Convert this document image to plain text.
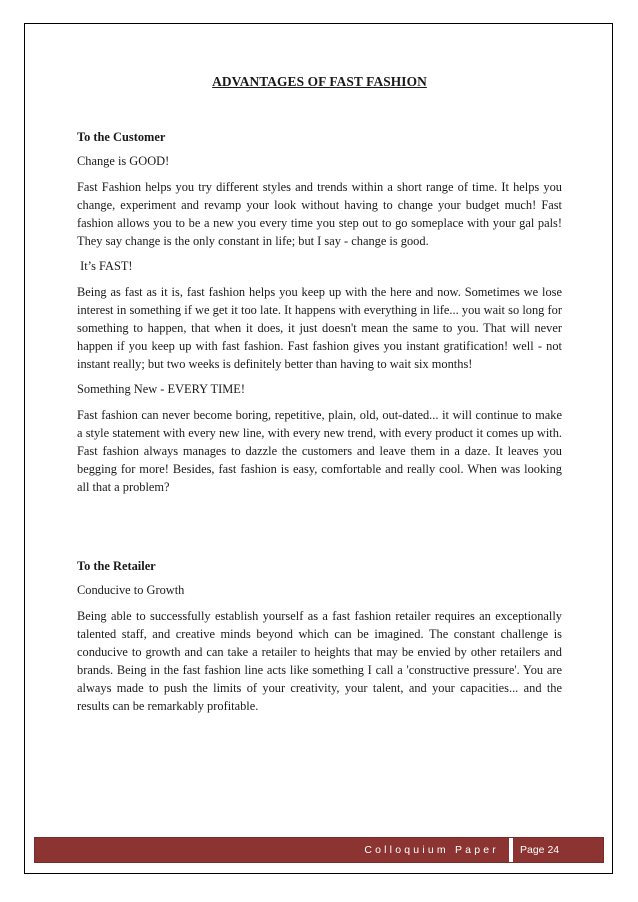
ADVANTAGES OF FAST FASHION
To the Customer
Change is GOOD!
Fast Fashion helps you try different styles and trends within a short range of time. It helps you change, experiment and revamp your look without having to change your budget much! Fast fashion allows you to be a new you every time you step out to go someplace with your gal pals! They say change is the only constant in life; but I say - change is good.
It’s FAST!
Being as fast as it is, fast fashion helps you keep up with the here and now. Sometimes we lose interest in something if we get it too late. It happens with everything in life... you wait so long for something to happen, that when it does, it just doesn't mean the same to you. That will never happen if you keep up with fast fashion. Fast fashion gives you instant gratification! well - not instant really; but two weeks is definitely better than having to wait six months!
Something New - EVERY TIME!
Fast fashion can never become boring, repetitive, plain, old, out-dated... it will continue to make a style statement with every new line, with every new trend, with every product it comes up with. Fast fashion always manages to dazzle the customers and leave them in a daze. It leaves you begging for more! Besides, fast fashion is easy, comfortable and really cool. When was looking all that a problem?
To the Retailer
Conducive to Growth
Being able to successfully establish yourself as a fast fashion retailer requires an exceptionally talented staff, and creative minds beyond which can be imagined. The constant challenge is conducive to growth and can take a retailer to heights that may be envied by other retailers and brands. Being in the fast fashion line acts like something I call a 'constructive pressure'. You are always made to push the limits of your creativity, your talent, and your capacities... and the results can be remarkably profitable.
Colloquium Paper	Page 24
